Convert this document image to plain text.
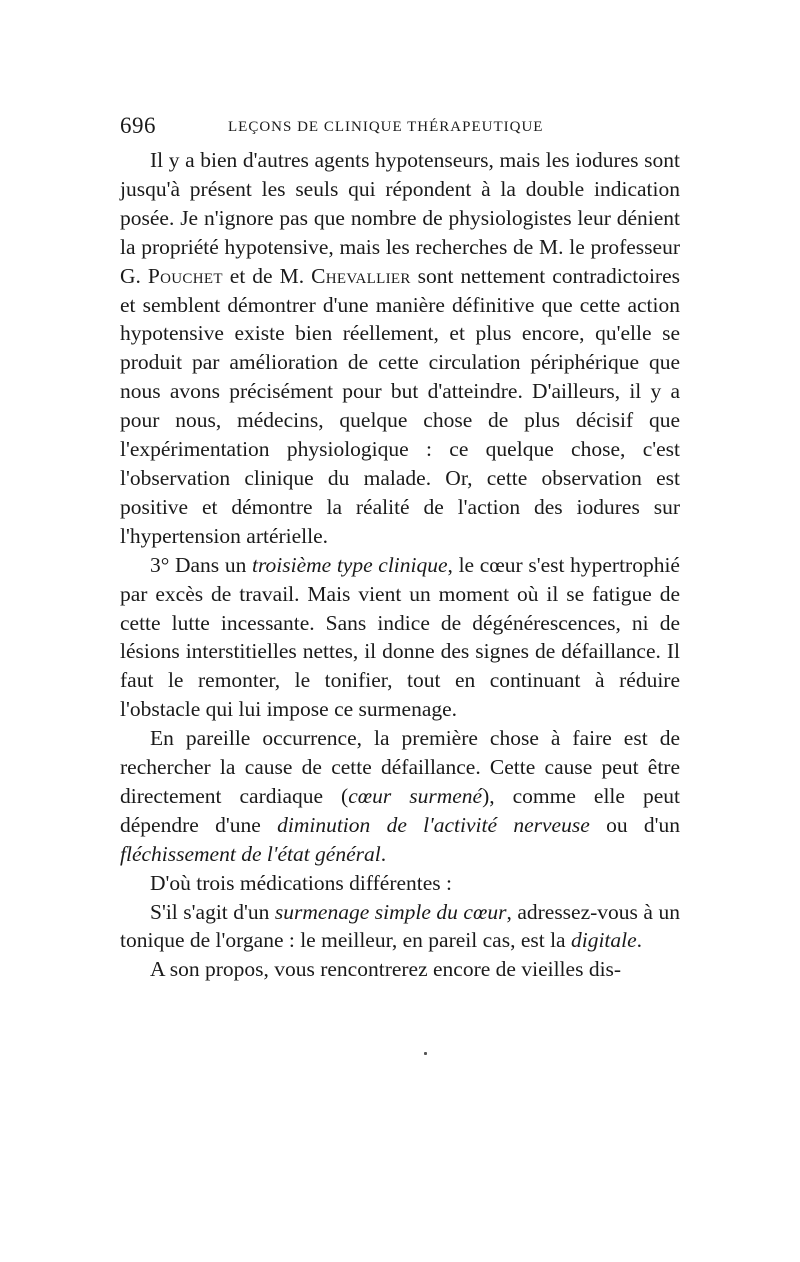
696	LEÇONS DE CLINIQUE THÉRAPEUTIQUE

Il y a bien d'autres agents hypotenseurs, mais les iodures sont jusqu'à présent les seuls qui répondent à la double indication posée. Je n'ignore pas que nombre de physiologistes leur dénient la propriété hypotensive, mais les recherches de M. le professeur G. Pouchet et de M. Chevallier sont nettement contradictoires et semblent démontrer d'une manière définitive que cette action hypotensive existe bien réellement, et plus encore, qu'elle se produit par amélioration de cette circulation périphérique que nous avons précisément pour but d'atteindre. D'ailleurs, il y a pour nous, médecins, quelque chose de plus décisif que l'expérimentation physiologique : ce quelque chose, c'est l'observation clinique du malade. Or, cette observation est positive et démontre la réalité de l'action des iodures sur l'hypertension artérielle.

3° Dans un troisième type clinique, le cœur s'est hypertrophié par excès de travail. Mais vient un moment où il se fatigue de cette lutte incessante. Sans indice de dégénérescences, ni de lésions interstitielles nettes, il donne des signes de défaillance. Il faut le remonter, le tonifier, tout en continuant à réduire l'obstacle qui lui impose ce surmenage.

En pareille occurrence, la première chose à faire est de rechercher la cause de cette défaillance. Cette cause peut être directement cardiaque (cœur surmené), comme elle peut dépendre d'une diminution de l'activité nerveuse ou d'un fléchissement de l'état général.

D'où trois médications différentes :

S'il s'agit d'un surmenage simple du cœur, adressez-vous à un tonique de l'organe : le meilleur, en pareil cas, est la digitale.

A son propos, vous rencontrerez encore de vieilles dis-
